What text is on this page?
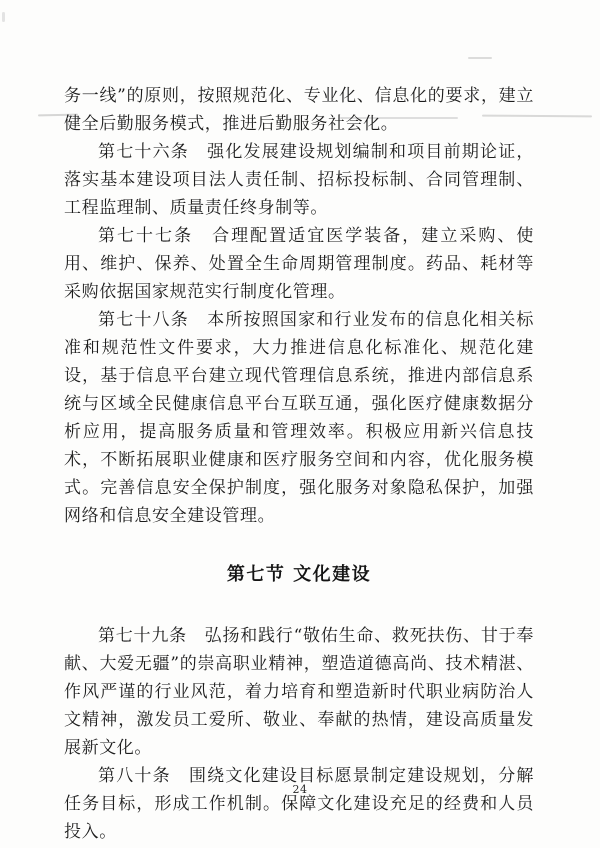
务一线”的原则，按照规范化、专业化、信息化的要求，建立健全后勤服务模式，推进后勤服务社会化。

第七十六条　强化发展建设规划编制和项目前期论证，落实基本建设项目法人责任制、招标投标制、合同管理制、工程监理制、质量责任终身制等。

第七十七条　合理配置适宜医学装备，建立采购、使用、维护、保养、处置全生命周期管理制度。药品、耗材等采购依据国家规范实行制度化管理。

第七十八条　本所按照国家和行业发布的信息化相关标准和规范性文件要求，大力推进信息化标准化、规范化建设，基于信息平台建立现代管理信息系统，推进内部信息系统与区域全民健康信息平台互联互通，强化医疗健康数据分析应用，提高服务质量和管理效率。积极应用新兴信息技术，不断拓展职业健康和医疗服务空间和内容，优化服务模式。完善信息安全保护制度，强化服务对象隐私保护，加强网络和信息安全建设管理。

第七节 文化建设

第七十九条　弘扬和践行“敬佑生命、救死扶伤、甘于奉献、大爱无疆”的崇高职业精神，塑造道德高尚、技术精湛、作风严谨的行业风范，着力培育和塑造新时代职业病防治人文精神，激发员工爱所、敬业、奉献的热情，建设高质量发展新文化。

第八十条　围绕文化建设目标愿景制定建设规划，分解任务目标，形成工作机制。保障文化建设充足的经费和人员投入。

24
